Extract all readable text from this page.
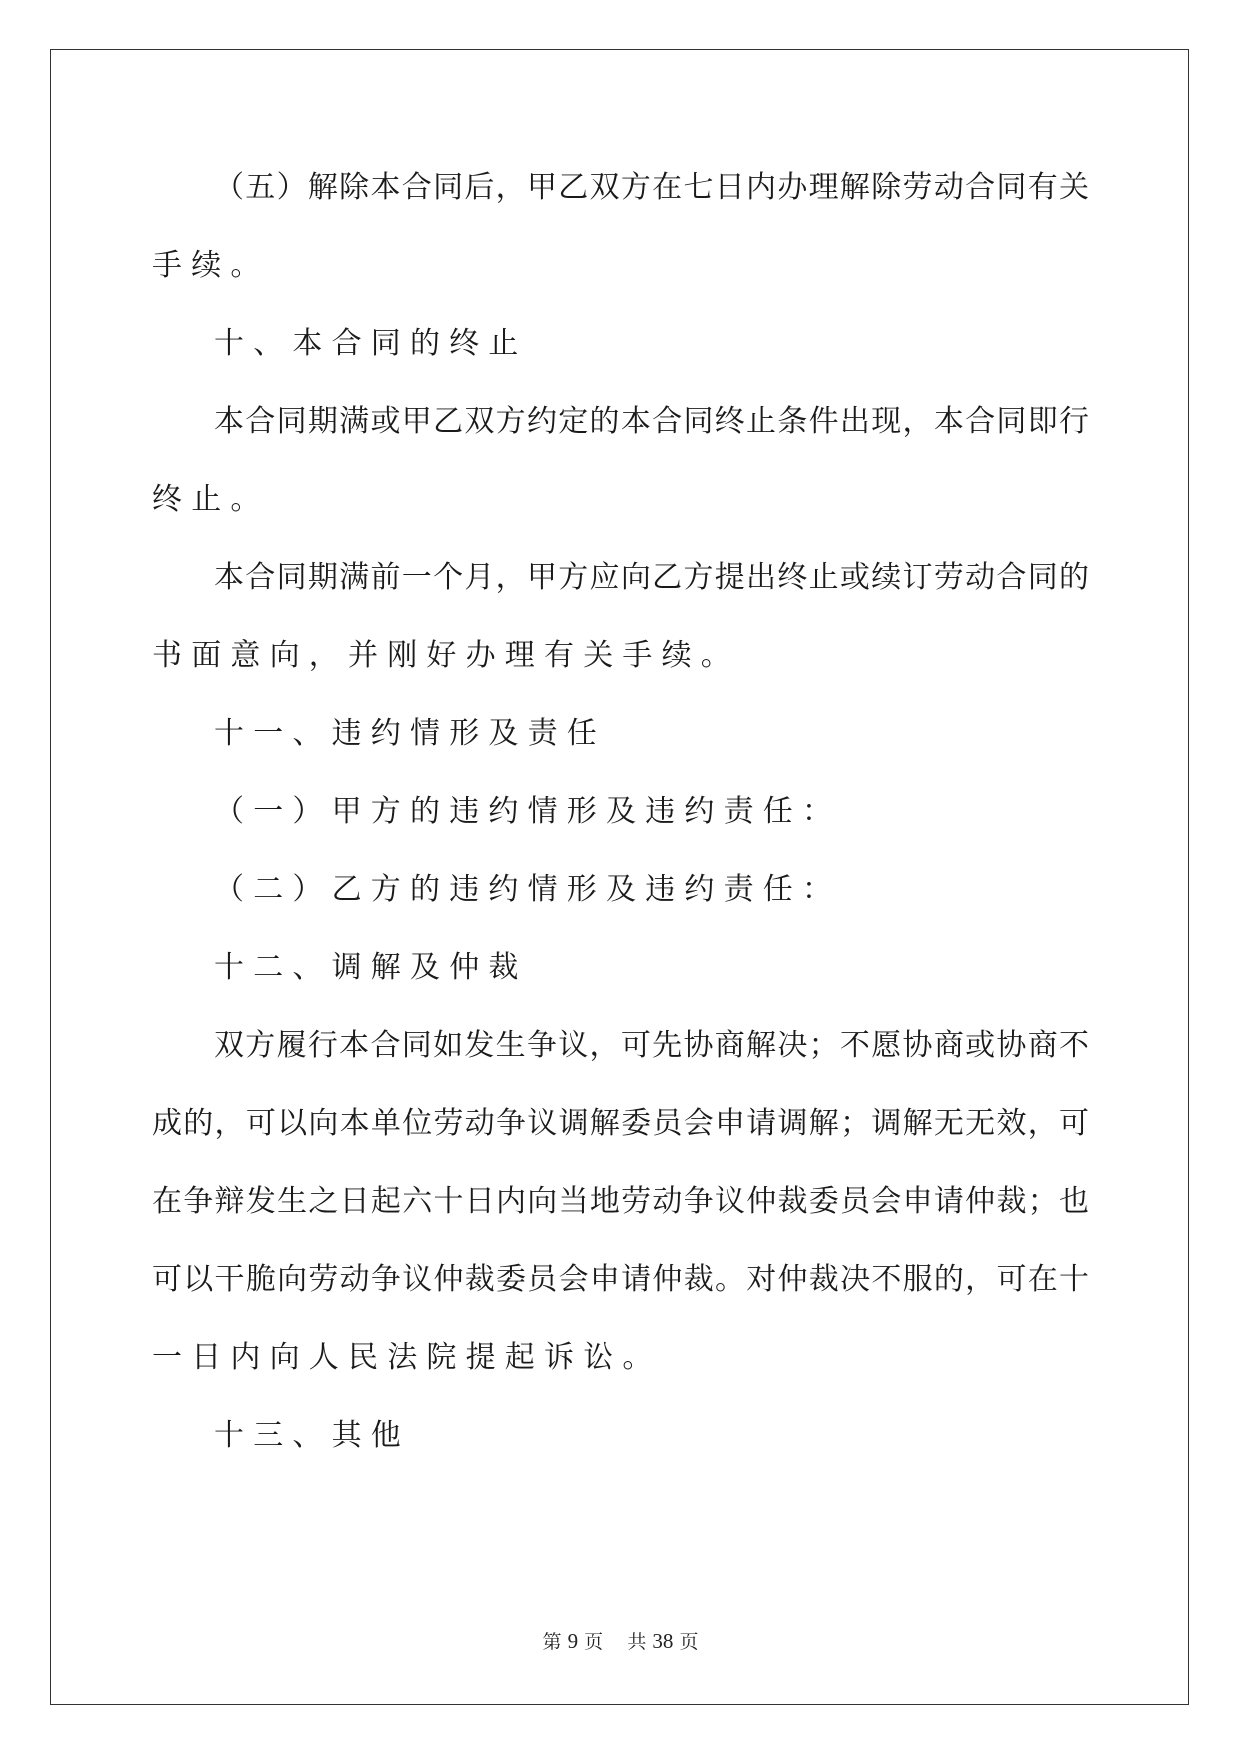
（五）解除本合同后，甲乙双方在七日内办理解除劳动合同有关
手续。
十、本合同的终止
本合同期满或甲乙双方约定的本合同终止条件出现，本合同即行
终止。
本合同期满前一个月，甲方应向乙方提出终止或续订劳动合同的
书面意向，并刚好办理有关手续。
十一、违约情形及责任
（一）甲方的违约情形及违约责任：
（二）乙方的违约情形及违约责任：
十二、调解及仲裁
双方履行本合同如发生争议，可先协商解决；不愿协商或协商不
成的，可以向本单位劳动争议调解委员会申请调解；调解无无效，可
在争辩发生之日起六十日内向当地劳动争议仲裁委员会申请仲裁；也
可以干脆向劳动争议仲裁委员会申请仲裁。对仲裁决不服的，可在十
一日内向人民法院提起诉讼。
十三、其他
第 9 页 共 38 页
